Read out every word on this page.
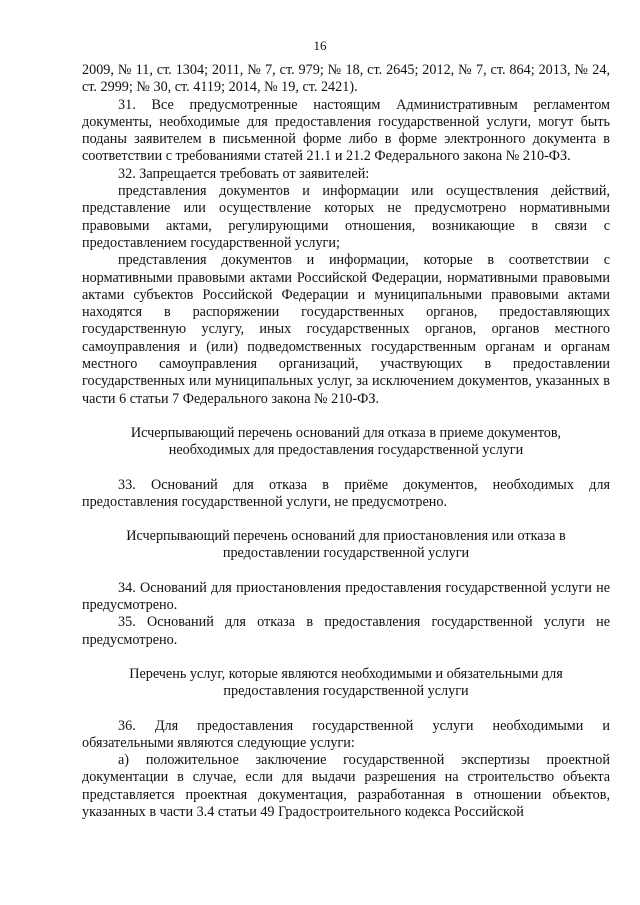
16

2009, № 11, ст. 1304; 2011, № 7, ст. 979; № 18, ст. 2645; 2012, № 7, ст. 864; 2013, № 24, ст. 2999; № 30, ст. 4119; 2014, № 19, ст. 2421).

31. Все предусмотренные настоящим Административным регламентом документы, необходимые для предоставления государственной услуги, могут быть поданы заявителем в письменной форме либо в форме электронного документа в соответствии с требованиями статей 21.1 и 21.2 Федерального закона № 210-ФЗ.

32. Запрещается требовать от заявителей:

представления документов и информации или осуществления действий, представление или осуществление которых не предусмотрено нормативными правовыми актами, регулирующими отношения, возникающие в связи с предоставлением государственной услуги;

представления документов и информации, которые в соответствии с нормативными правовыми актами Российской Федерации, нормативными правовыми актами субъектов Российской Федерации и муниципальными правовыми актами находятся в распоряжении государственных органов, предоставляющих государственную услугу, иных государственных органов, органов местного самоуправления и (или) подведомственных государственным органам и органам местного самоуправления организаций, участвующих в предоставлении государственных или муниципальных услуг, за исключением документов, указанных в части 6 статьи 7 Федерального закона № 210-ФЗ.

Исчерпывающий перечень оснований для отказа в приеме документов, необходимых для предоставления государственной услуги

33. Оснований для отказа в приёме документов, необходимых для предоставления государственной услуги, не предусмотрено.

Исчерпывающий перечень оснований для приостановления или отказа в предоставлении государственной услуги

34. Оснований для приостановления предоставления государственной услуги не предусмотрено.

35. Оснований для отказа в предоставления государственной услуги не предусмотрено.

Перечень услуг, которые являются необходимыми и обязательными для предоставления государственной услуги

36. Для предоставления государственной услуги необходимыми и обязательными являются следующие услуги:

а) положительное заключение государственной экспертизы проектной документации в случае, если для выдачи разрешения на строительство объекта представляется проектная документация, разработанная в отношении объектов, указанных в части 3.4 статьи 49 Градостроительного кодекса Российской
